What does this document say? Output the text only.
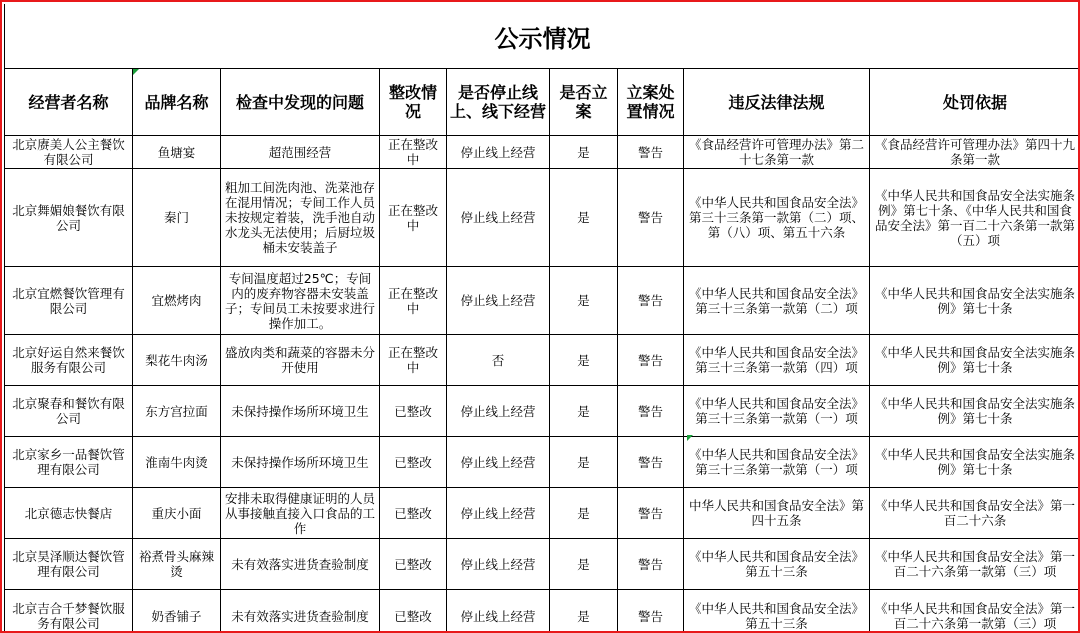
公示情况								
经营者名称	品牌名称	检查中发现的问题	整改情况	是否停止线上、线下经营	是否立案	立案处置情况	违反法律法规	处罚依据
北京赓美人公主餐饮有限公司	鱼塘宴	超范围经营	正在整改中	停止线上经营	是	警告	《食品经营许可管理办法》第二十七条第一款	《食品经营许可管理办法》第四十九条第一款
北京舞媚娘餐饮有限公司	秦门	粗加工间洗肉池、洗菜池存在混用情况；专间工作人员未按规定着装，洗手池自动水龙头无法使用；后厨垃圾桶未安装盖子	正在整改中	停止线上经营	是	警告	《中华人民共和国食品安全法》第三十三条第一款第（二）项、第（八）项、第五十六条	《中华人民共和国食品安全法实施条例》第七十条、《中华人民共和国食品安全法》第一百二十六条第一款第（五）项
北京宜燃餐饮管理有限公司	宜燃烤肉	专间温度超过25℃；专间内的废弃物容器未安装盖子；专间员工未按要求进行操作加工。	正在整改中	停止线上经营	是	警告	《中华人民共和国食品安全法》第三十三条第一款第（二）项	《中华人民共和国食品安全法实施条例》第七十条
北京好运自然来餐饮服务有限公司	梨花牛肉汤	盛放肉类和蔬菜的容器未分开使用	正在整改中	否	是	警告	《中华人民共和国食品安全法》第三十三条第一款第（四）项	《中华人民共和国食品安全法实施条例》第七十条
北京聚春和餐饮有限公司	东方宫拉面	未保持操作场所环境卫生	已整改	停止线上经营	是	警告	《中华人民共和国食品安全法》第三十三条第一款第（一）项	《中华人民共和国食品安全法实施条例》第七十条
北京家乡一品餐饮管理有限公司	淮南牛肉烫	未保持操作场所环境卫生	已整改	停止线上经营	是	警告	《中华人民共和国食品安全法》第三十三条第一款第（一）项	《中华人民共和国食品安全法实施条例》第七十条
北京德志快餐店	重庆小面	安排未取得健康证明的人员从事接触直接入口食品的工作	已整改	停止线上经营	是	警告	中华人民共和国食品安全法》第四十五条	《中华人民共和国食品安全法》第一百二十六条
北京昊泽顺达餐饮管理有限公司	裕煮骨头麻辣烫	未有效落实进货查验制度	已整改	停止线上经营	是	警告	《中华人民共和国食品安全法》第五十三条	《中华人民共和国食品安全法》第一百二十六条第一款第（三）项
北京吉合千梦餐饮服务有限公司	奶香铺子	未有效落实进货查验制度	已整改	停止线上经营	是	警告	《中华人民共和国食品安全法》第五十三条	《中华人民共和国食品安全法》第一百二十六条第一款第（三）项
